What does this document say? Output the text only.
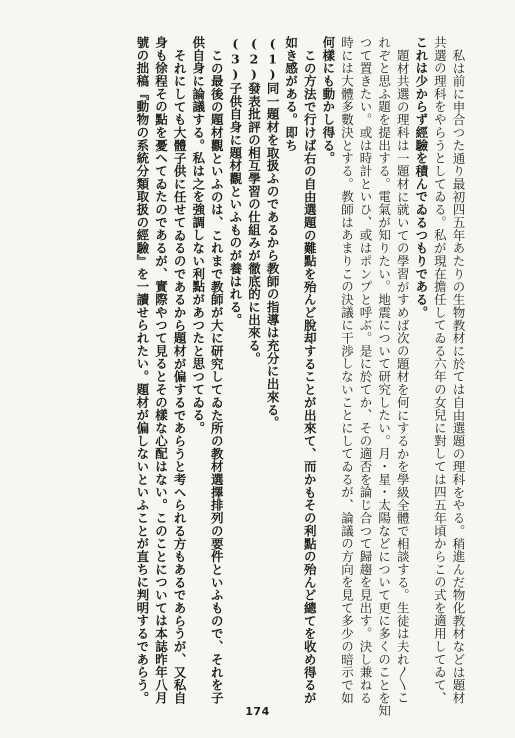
私は前に申合つた通り最初四五年あたりの生物教材に於ては自由選題の理科をやる。稍進んだ物化教材などは題材
共選の理科をやらうとしてゐる。私が現在擔任してゐる六年の女兒に對しては四五年頃からこの式を適用してゐて、
これは少からず經驗を積んでゐるつもりである。
題材共選の理科は一題材に就いての學習がすめば次の題材を何にするかを學級全體で相談する。生徒は夫れ〳〵こ
れぞと思ふ題を提出する。電氣が知りたい。地震について研究したい。月・星・太陽などについて更に多くのことを知
つて置きたい。或は時計といひ、或はポンプと呼ぶ。是に於てか、その適否を論じ合つて歸趨を見出す。決し兼ねる
時には大體多數決とする。教師はあまりこの決議に干渉しないことにしてゐるが、論議の方向を見て多少の暗示で如
何樣にも動かし得る。
この方法で行けば右の自由選題の難點を殆んど脫却することが出來て、而かもその利點の殆んど總てを收め得るが
如き感がある。即ち
(1)同一題材を取扱ふのであるから教師の指導は充分に出來る。
(2)發表批評の相互學習の仕組みが徹底的に出來る。
(3)子供自身に題材觀といふものが養はれる。
この最後の題材觀といふのは、これまで教師が大に研究してゐた所の教材選擇排列の要件といふもので、それを子
供自身に論議する。私は之を強調しない利點があつたと思つてゐる。
それにしても大體子供に任せてゐるのであるから題材が偏するであらうと考へられる方もあるであらうが、又私自
身も徐程その點を憂へてゐたのであるが、實際やつて見るとその樣な心配はない。このことについては本誌昨年八月
號の拙稿『動物の系統分類取扱の經驗』を一讀せられたい。題材が偏しないといふことが直ちに判明するであらう。
174
